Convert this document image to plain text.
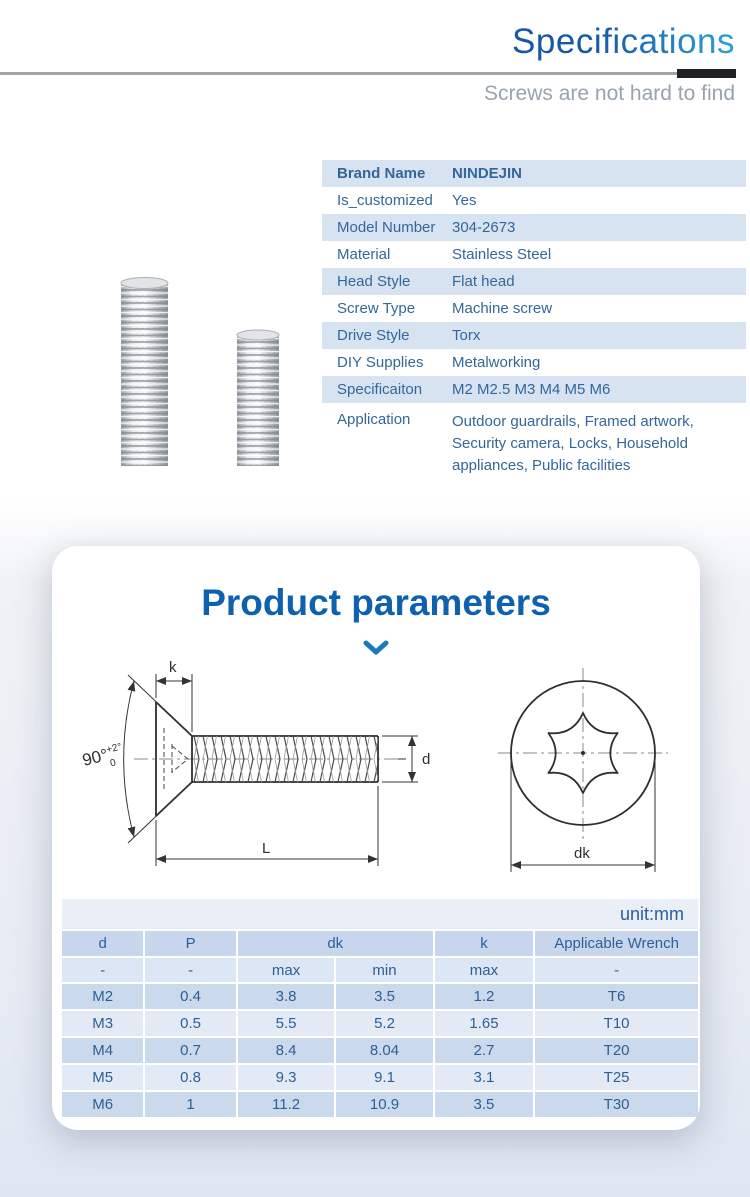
Specifications
Screws are not hard to find
Brand Name	NINDEJIN
Is_customized	Yes
Model Number	304-2673
Material	Stainless Steel
Head Style	Flat head
Screw Type	Machine screw
Drive Style	Torx
DIY Supplies	Metalworking
Specificaiton	M2 M2.5 M3 M4 M5 M6
Application	Outdoor guardrails, Framed artwork, Security camera, Locks, Household appliances, Public facilities
Product parameters
k
90°$^{+2^\circ}$0	d
L	dk
unit:mm
d	P	dk	k	Applicable Wrench
-	-	max	min	max	-
M2	0.4	3.8	3.5	1.2	T6
M3	0.5	5.5	5.2	1.65	T10
M4	0.7	8.4	8.04	2.7	T20
M5	0.8	9.3	9.1	3.1	T25
M6	1	11.2	10.9	3.5	T30
